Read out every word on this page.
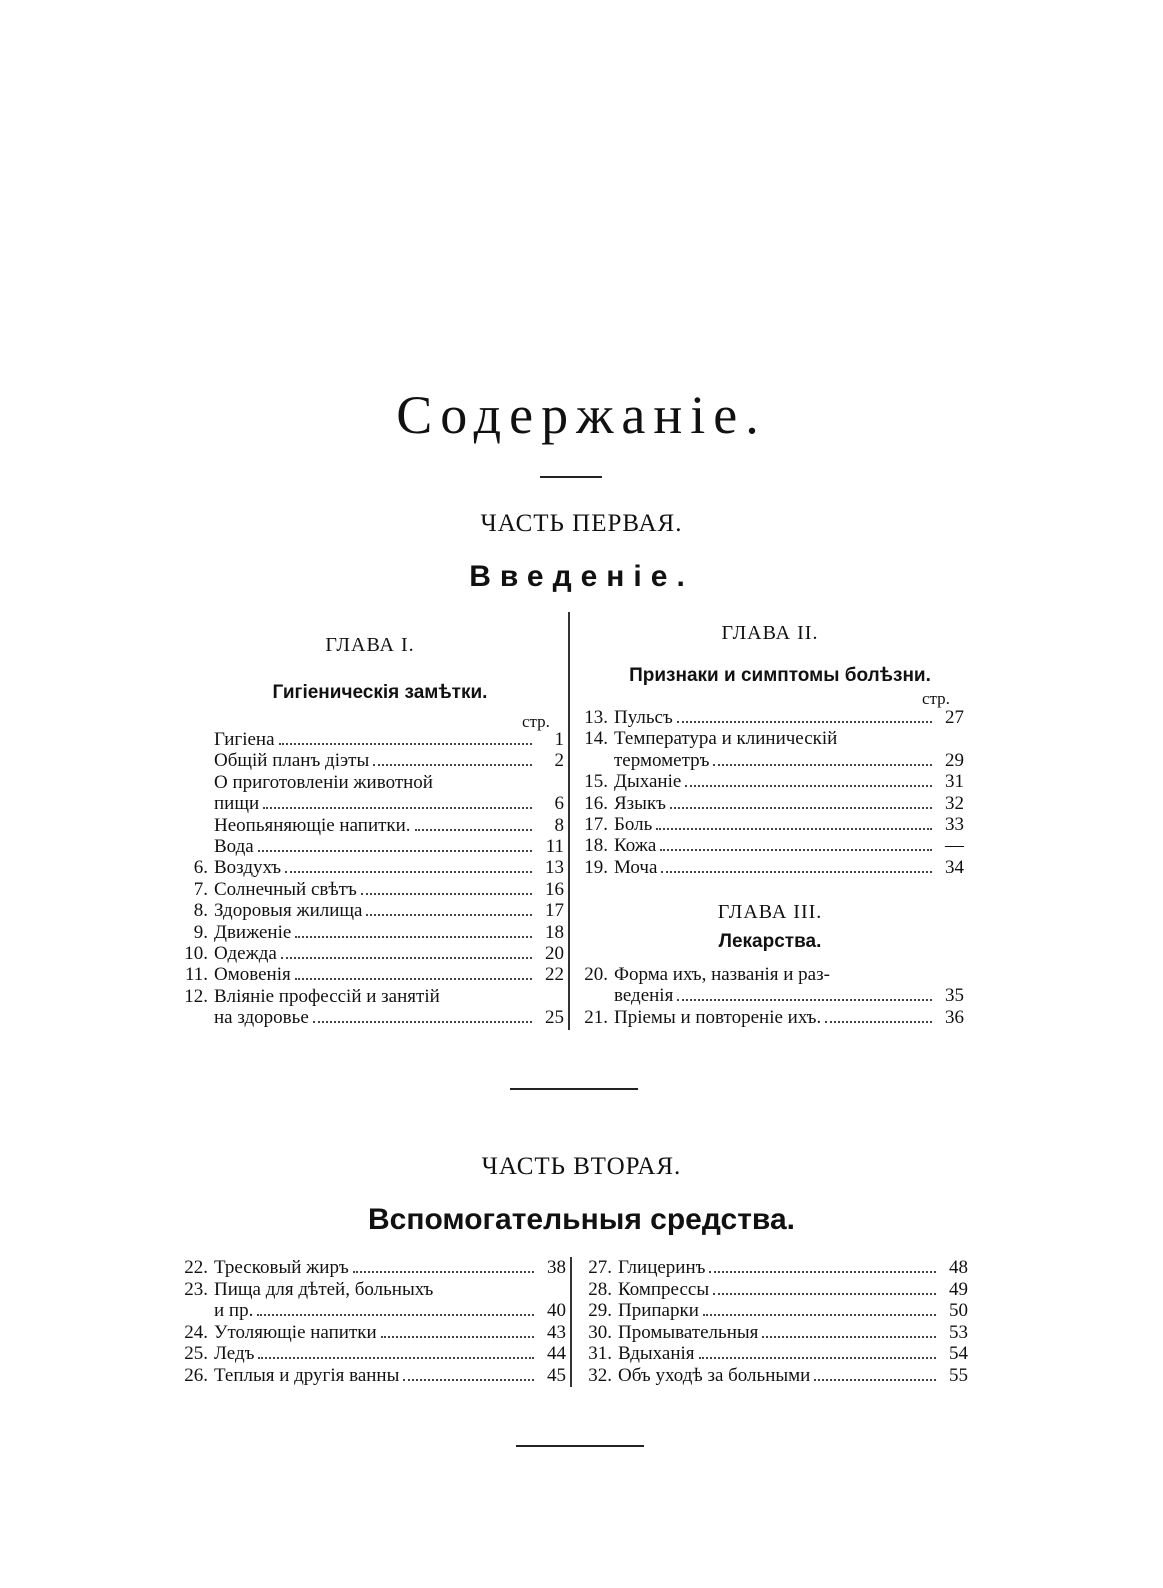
Содержаніе.
ЧАСТЬ ПЕРВАЯ.
Введеніе.
ГЛАВА I.
Гигіеническія замѣтки.
стр.
Гигіена	1
Общій планъ діэты	2
О приготовленіи животной
пищи	6
Неопьяняющіе напитки.	8
Вода	11
6. Воздухъ	13
7. Солнечный свѣтъ	16
8. Здоровыя жилища	17
9. Движеніе	18
10. Одежда	20
11. Омовенія	22
12. Вліяніе профессій и занятій
на здоровье	25
ГЛАВА II.
Признаки и симптомы болѣзни.
стр.
13. Пульсъ	27
14. Температура и клиническій
термометръ	29
15. Дыханіе	31
16. Языкъ	32
17. Боль	33
18. Кожа	—
19. Моча	34
ГЛАВА III.
Лекарства.
20. Форма ихъ, названія и раз-
веденія	35
21. Пріемы и повтореніе ихъ.	36
ЧАСТЬ ВТОРАЯ.
Вспомогательныя средства.
22. Тресковый жиръ	38
23. Пища для дѣтей, больныхъ
и пр.	40
24. Утоляющіе напитки	43
25. Ледъ	44
26. Теплыя и другія ванны	45
27. Глицеринъ	48
28. Компрессы	49
29. Припарки	50
30. Промывательныя	53
31. Вдыханія	54
32. Объ уходѣ за больными	55
